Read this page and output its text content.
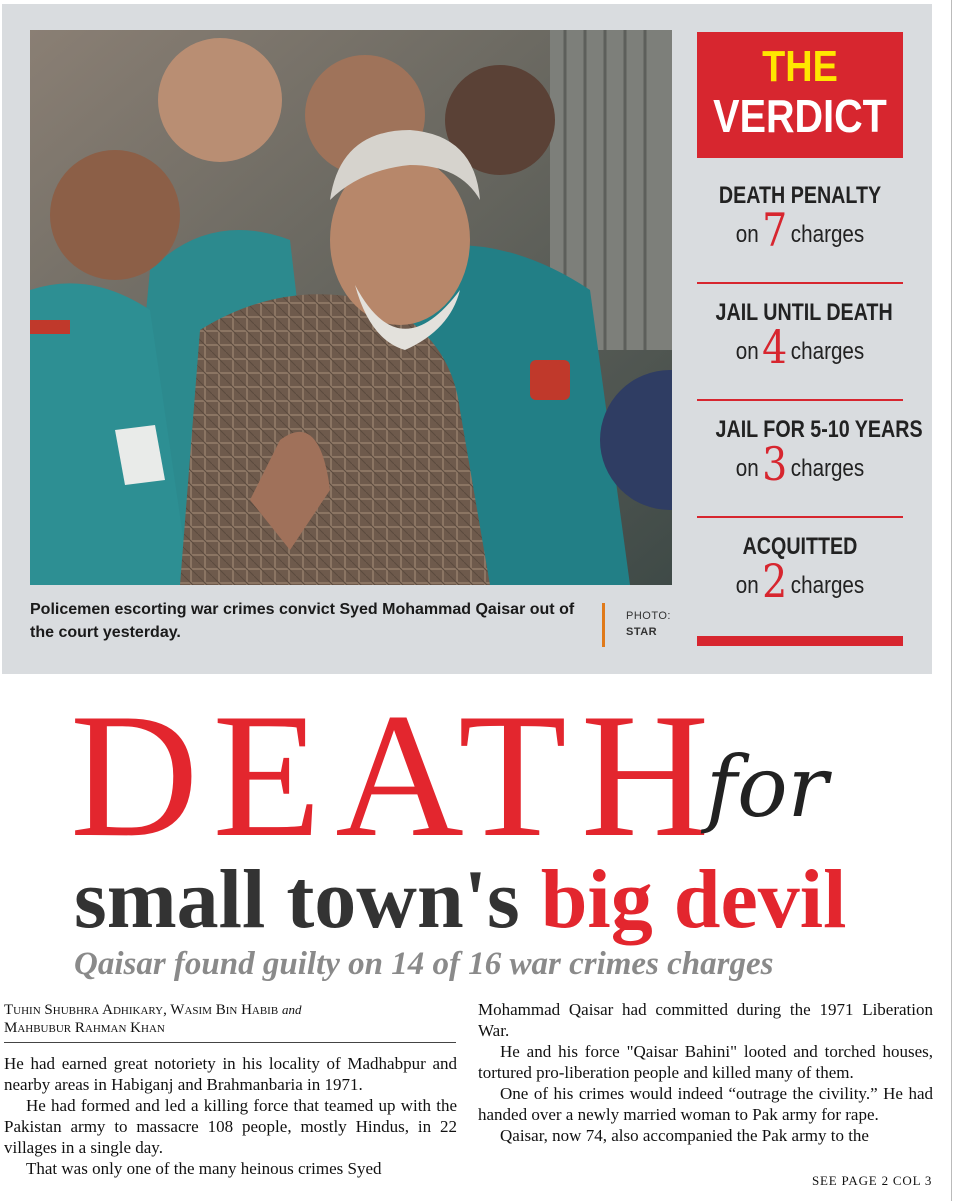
Policemen escorting war crimes convict Syed Mohammad Qaisar out of the court yesterday.
PHOTO:
STAR
THE
VERDICT
DEATH PENALTY
on7 charges
JAIL UNTIL DEATH
on4 charges
JAIL FOR 5-10 YEARS
on3 charges
ACQUITTED
on2 charges
DEATH
for
small town's big devil
Qaisar found guilty on 14 of 16 war crimes charges
Tuhin Shubhra Adhikary, Wasim Bin Habib and
Mahbubur Rahman Khan

He had earned great notoriety in his locality of Madhabpur and nearby areas in Habiganj and Brahmanbaria in 1971.

He had formed and led a killing force that teamed up with the Pakistan army to massacre 108 people, mostly Hindus, in 22 villages in a single day.

That was only one of the many heinous crimes Syed

Mohammad Qaisar had committed during the 1971 Liberation War.

He and his force "Qaisar Bahini" looted and torched houses, tortured pro-liberation people and killed many of them.

One of his crimes would indeed “outrage the civility.” He had handed over a newly married woman to Pak army for rape.

Qaisar, now 74, also accompanied the Pak army to the

SEE PAGE 2 COL 3
